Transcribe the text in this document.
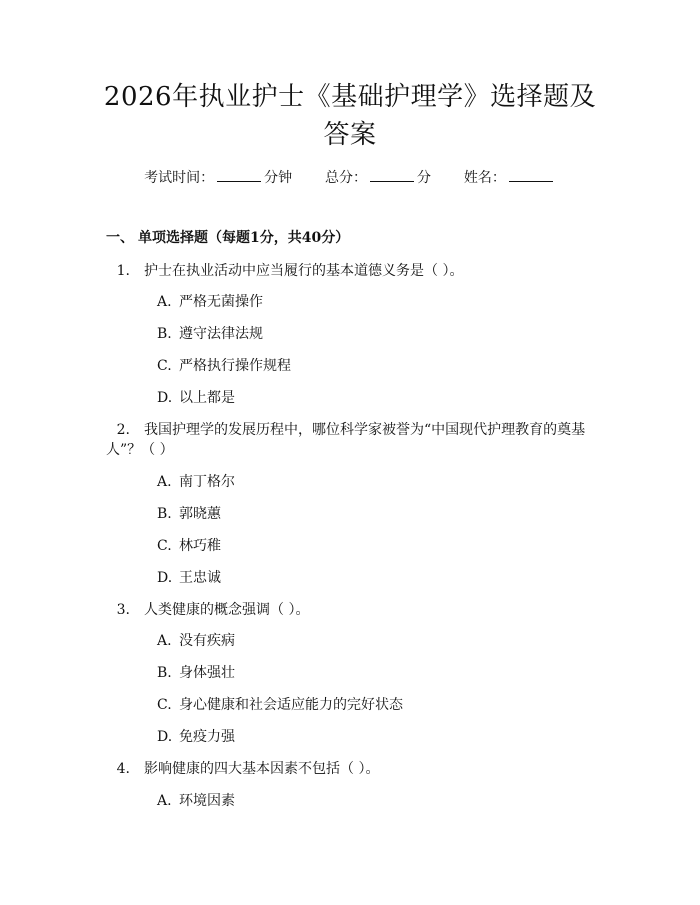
2026年执业护士《基础护理学》选择题及答案
考试时间：	分钟 总分：	分 姓名：
一、 单项选择题（每题1分，共40分）
1. 护士在执业活动中应当履行的基本道德义务是（ ）。
A. 严格无菌操作
B. 遵守法律法规
C. 严格执行操作规程
D. 以上都是
2. 我国护理学的发展历程中，哪位科学家被誉为“中国现代护理教育的奠基
人”？（ ）
A. 南丁格尔
B. 郭晓蕙
C. 林巧稚
D. 王忠诚
3. 人类健康的概念强调（ ）。
A. 没有疾病
B. 身体强壮
C. 身心健康和社会适应能力的完好状态
D. 免疫力强
4. 影响健康的四大基本因素不包括（ ）。
A. 环境因素
